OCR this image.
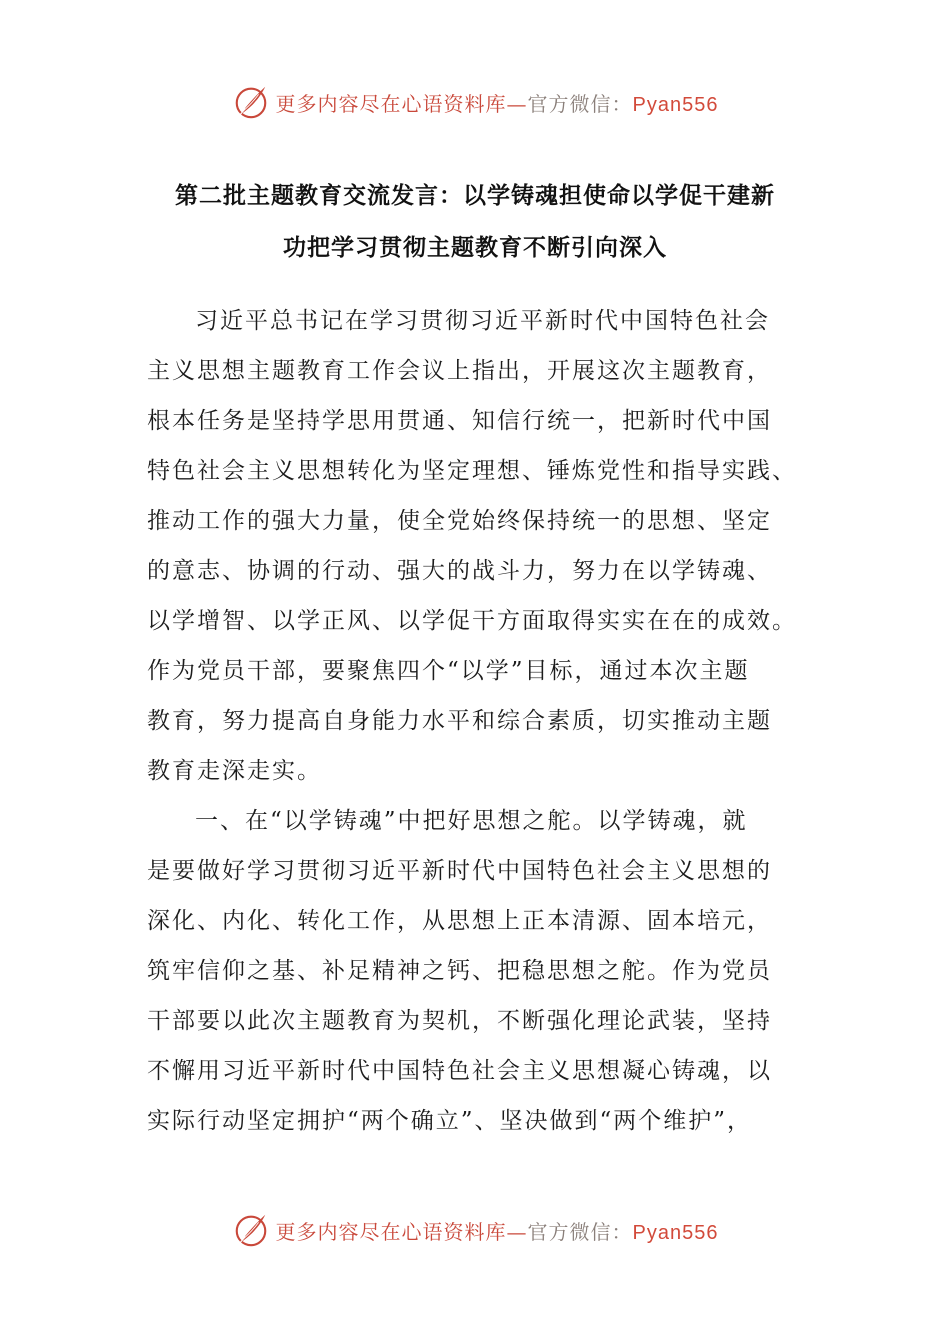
更多内容尽在心语资料库—官方微信：Pyan556
第二批主题教育交流发言：以学铸魂担使命以学促干建新
功把学习贯彻主题教育不断引向深入
习近平总书记在学习贯彻习近平新时代中国特色社会
主义思想主题教育工作会议上指出，开展这次主题教育，
根本任务是坚持学思用贯通、知信行统一，把新时代中国
特色社会主义思想转化为坚定理想、锤炼党性和指导实践、
推动工作的强大力量，使全党始终保持统一的思想、坚定
的意志、协调的行动、强大的战斗力，努力在以学铸魂、
以学增智、以学正风、以学促干方面取得实实在在的成效。
作为党员干部，要聚焦四个“以学”目标，通过本次主题
教育，努力提高自身能力水平和综合素质，切实推动主题
教育走深走实。
一、在“以学铸魂”中把好思想之舵。以学铸魂，就
是要做好学习贯彻习近平新时代中国特色社会主义思想的
深化、内化、转化工作，从思想上正本清源、固本培元，
筑牢信仰之基、补足精神之钙、把稳思想之舵。作为党员
干部要以此次主题教育为契机，不断强化理论武装，坚持
不懈用习近平新时代中国特色社会主义思想凝心铸魂，以
实际行动坚定拥护“两个确立”、坚决做到“两个维护”，
更多内容尽在心语资料库—官方微信：Pyan556
